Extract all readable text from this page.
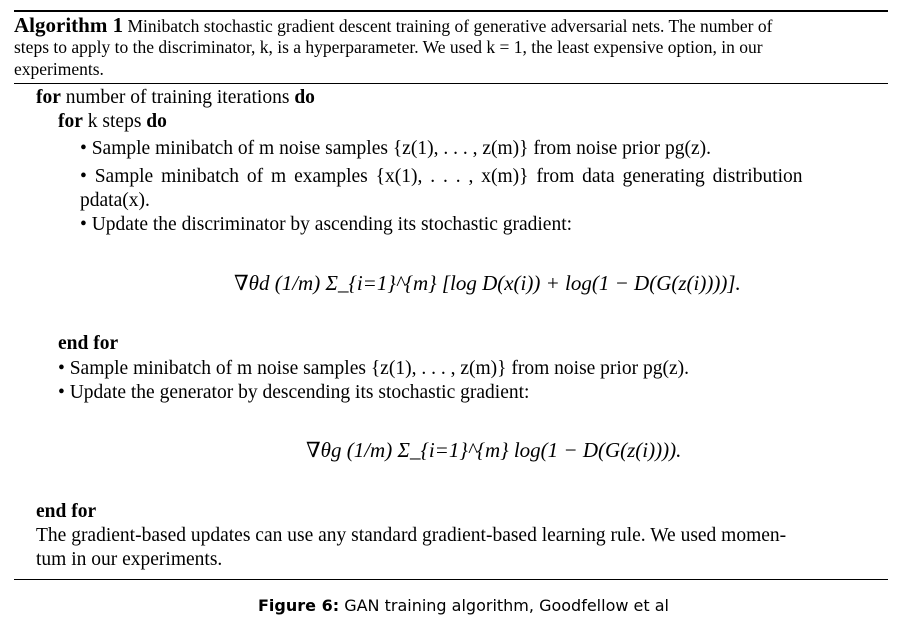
Algorithm 1 Minibatch stochastic gradient descent training of generative adversarial nets. The number of
steps to apply to the discriminator, k, is a hyperparameter. We used k = 1, the least expensive option, in our
experiments.
for number of training iterations do
for k steps do
• Sample minibatch of m noise samples {z(1), . . . , z(m)} from noise prior pg(z).
• Sample minibatch of m examples {x(1), . . . , x(m)} from data generating distribution
pdata(x).
• Update the discriminator by ascending its stochastic gradient:
∇θd (1/m) Σ_{i=1}^{m} [log D(x(i)) + log(1 − D(G(z(i))))].
end for
• Sample minibatch of m noise samples {z(1), . . . , z(m)} from noise prior pg(z).
• Update the generator by descending its stochastic gradient:
∇θg (1/m) Σ_{i=1}^{m} log(1 − D(G(z(i)))).
end for
The gradient-based updates can use any standard gradient-based learning rule. We used momen-
tum in our experiments.
Figure 6: GAN training algorithm, Goodfellow et al
